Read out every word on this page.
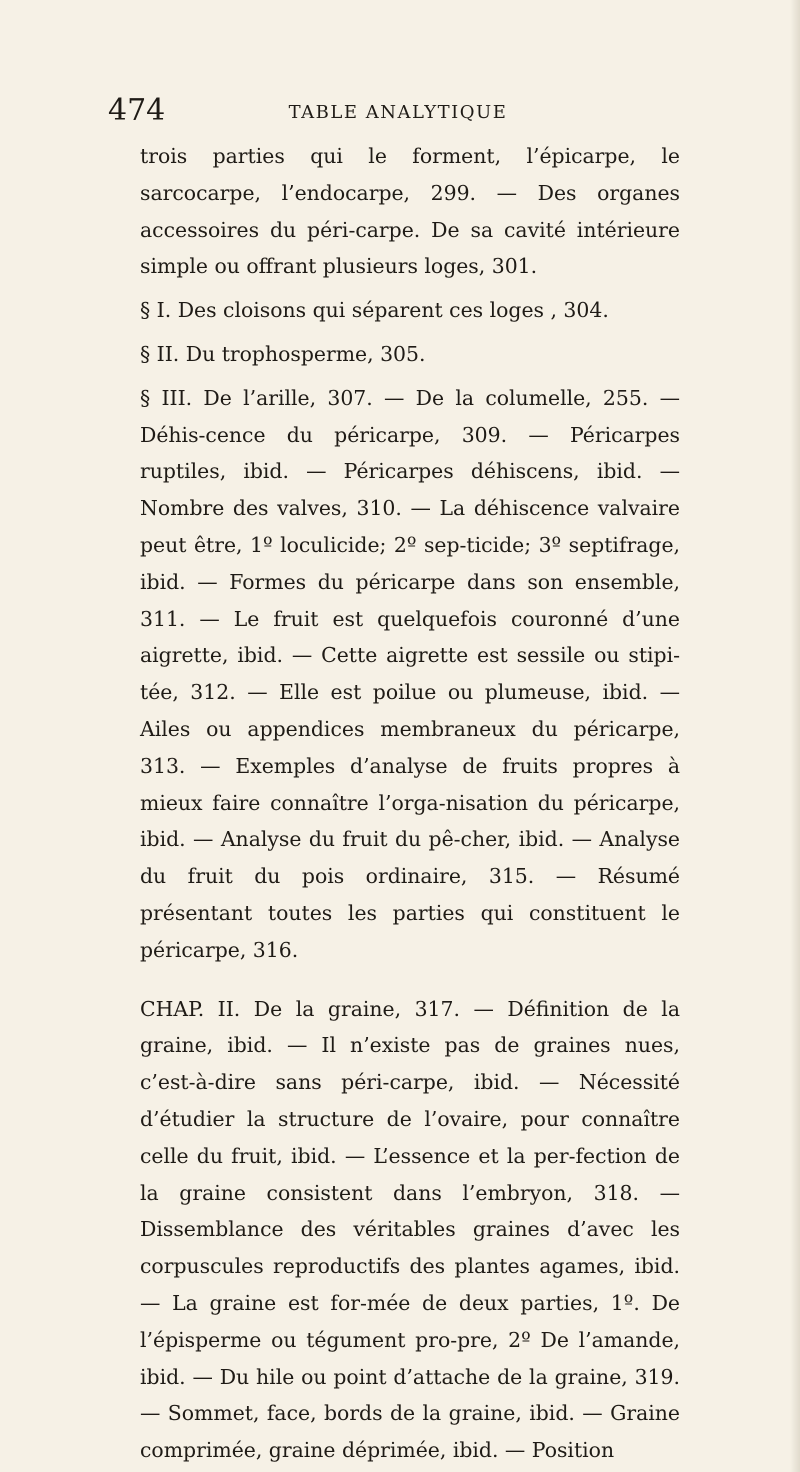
474	TABLE ANALYTIQUE

trois parties qui le forment, l’épicarpe, le sarcocarpe, l’endocarpe, 299. — Des organes accessoires du péri-carpe. De sa cavité intérieure simple ou offrant plusieurs loges, 301.

§ I. Des cloisons qui séparent ces loges , 304.

§ II. Du trophosperme, 305.

§ III. De l’arille, 307. — De la columelle, 255. — Déhis-cence du péricarpe, 309. — Péricarpes ruptiles, ibid. — Péricarpes déhiscens, ibid. — Nombre des valves, 310. — La déhiscence valvaire peut être, 1º loculicide; 2º sep-ticide; 3º septifrage, ibid. — Formes du péricarpe dans son ensemble, 311. — Le fruit est quelquefois couronné d’une aigrette, ibid. — Cette aigrette est sessile ou stipi-tée, 312. — Elle est poilue ou plumeuse, ibid. — Ailes ou appendices membraneux du péricarpe, 313. — Exemples d’analyse de fruits propres à mieux faire connaître l’orga-nisation du péricarpe, ibid. — Analyse du fruit du pê-cher, ibid. — Analyse du fruit du pois ordinaire, 315. — Résumé présentant toutes les parties qui constituent le péricarpe, 316.

CHAP. II. De la graine, 317. — Définition de la graine, ibid. — Il n’existe pas de graines nues, c’est-à-dire sans péri-carpe, ibid. — Nécessité d’étudier la structure de l’ovaire, pour connaître celle du fruit, ibid. — L’essence et la per-fection de la graine consistent dans l’embryon, 318. — Dissemblance des véritables graines d’avec les corpuscules reproductifs des plantes agames, ibid. — La graine est for-mée de deux parties, 1º. De l’épisperme ou tégument pro-pre, 2º De l’amande, ibid. — Du hile ou point d’attache de la graine, 319. — Sommet, face, bords de la graine, ibid. — Graine comprimée, graine déprimée, ibid. — Position
